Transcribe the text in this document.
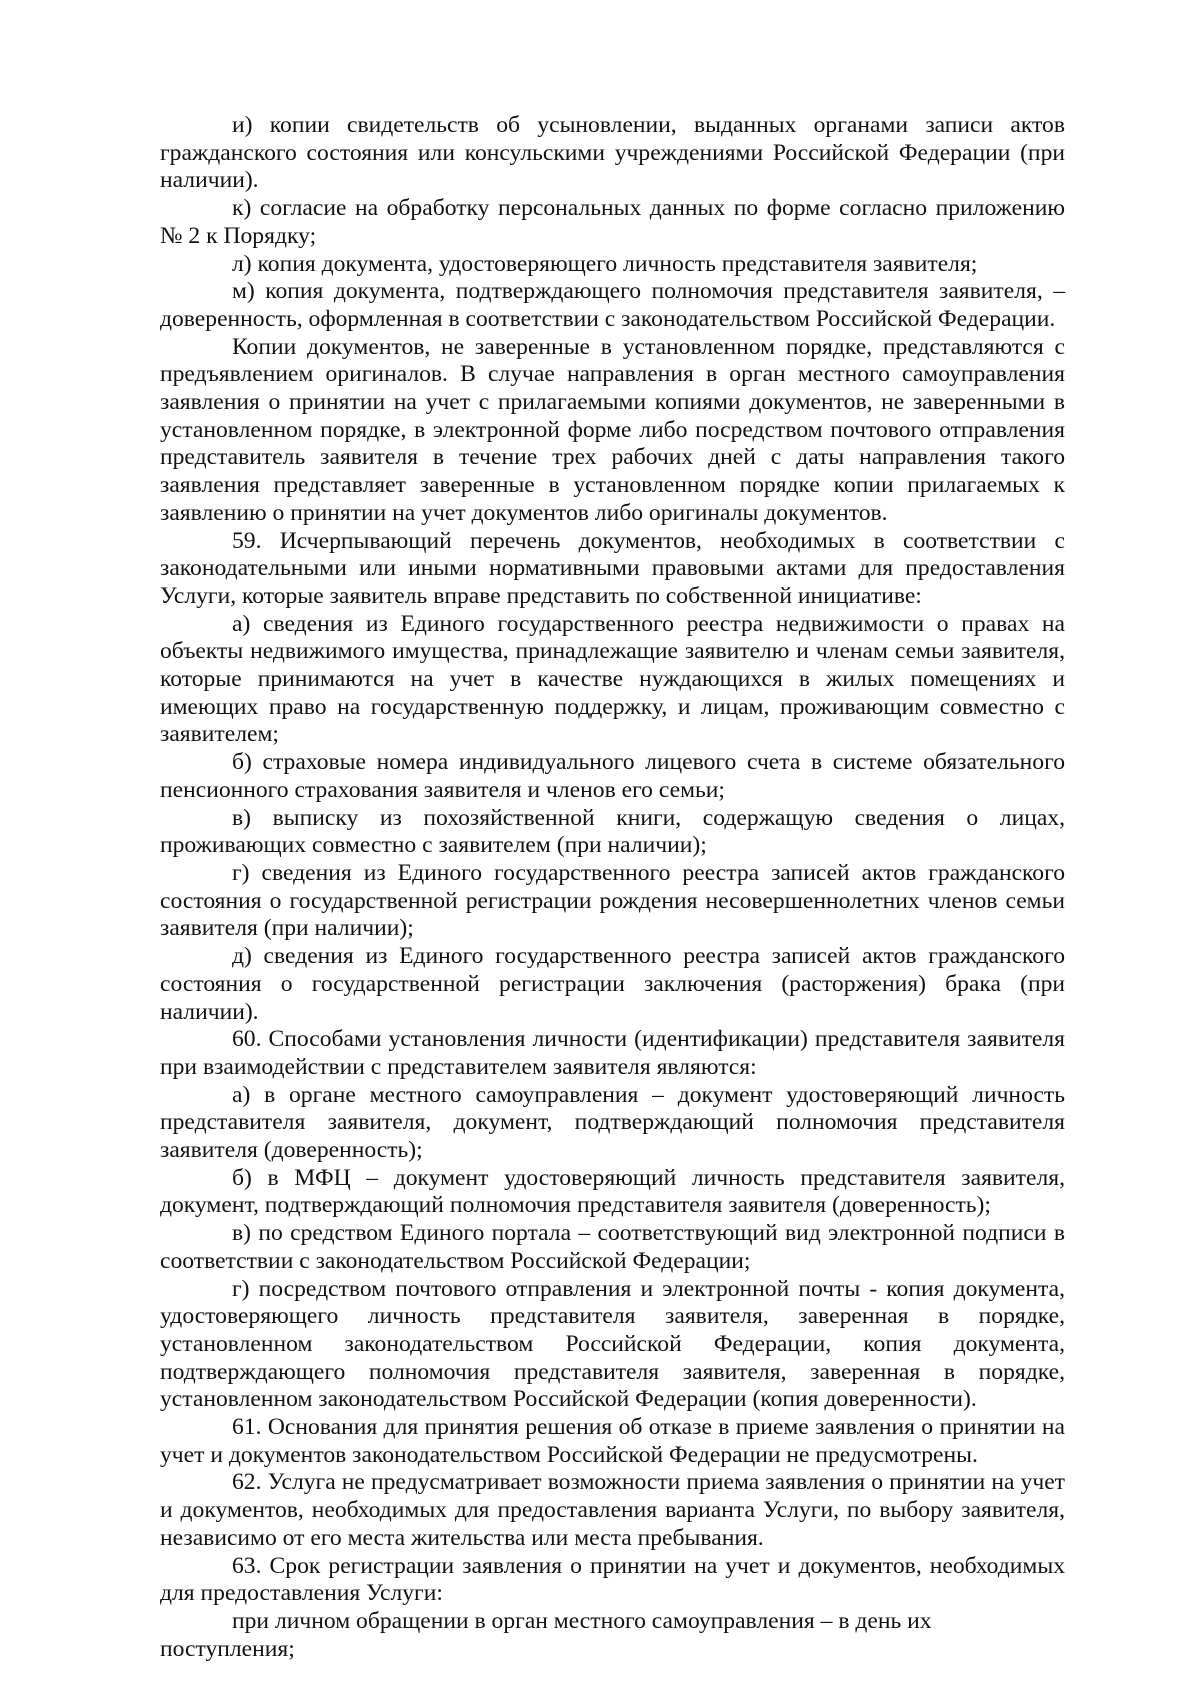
и) копии свидетельств об усыновлении, выданных органами записи актов гражданского состояния или консульскими учреждениями Российской Федерации (при наличии).

к) согласие на обработку персональных данных по форме согласно приложению № 2 к Порядку;

л) копия документа, удостоверяющего личность представителя заявителя;

м) копия документа, подтверждающего полномочия представителя заявителя, – доверенность, оформленная в соответствии с законодательством Российской Федерации.

Копии документов, не заверенные в установленном порядке, представляются с предъявлением оригиналов. В случае направления в орган местного самоуправления заявления о принятии на учет с прилагаемыми копиями документов, не заверенными в установленном порядке, в электронной форме либо посредством почтового отправления представитель заявителя в течение трех рабочих дней с даты направления такого заявления представляет заверенные в установленном порядке копии прилагаемых к заявлению о принятии на учет документов либо оригиналы документов.

59. Исчерпывающий перечень документов, необходимых в соответствии с законодательными или иными нормативными правовыми актами для предоставления Услуги, которые заявитель вправе представить по собственной инициативе:

а) сведения из Единого государственного реестра недвижимости о правах на объекты недвижимого имущества, принадлежащие заявителю и членам семьи заявителя, которые принимаются на учет в качестве нуждающихся в жилых помещениях и имеющих право на государственную поддержку, и лицам, проживающим совместно с заявителем;

б) страховые номера индивидуального лицевого счета в системе обязательного пенсионного страхования заявителя и членов его семьи;

в) выписку из похозяйственной книги, содержащую сведения о лицах, проживающих совместно с заявителем (при наличии);

г) сведения из Единого государственного реестра записей актов гражданского состояния о государственной регистрации рождения несовершеннолетних членов семьи заявителя (при наличии);

д) сведения из Единого государственного реестра записей актов гражданского состояния о государственной регистрации заключения (расторжения) брака (при наличии).

60. Способами установления личности (идентификации) представителя заявителя при взаимодействии с представителем заявителя являются:

а) в органе местного самоуправления – документ удостоверяющий личность представителя заявителя, документ, подтверждающий полномочия представителя заявителя (доверенность);

б) в МФЦ – документ удостоверяющий личность представителя заявителя, документ, подтверждающий полномочия представителя заявителя (доверенность);

в) по средством Единого портала – соответствующий вид электронной подписи в соответствии с законодательством Российской Федерации;

г) посредством почтового отправления и электронной почты - копия документа, удостоверяющего личность представителя заявителя, заверенная в порядке, установленном законодательством Российской Федерации, копия документа, подтверждающего полномочия представителя заявителя, заверенная в порядке, установленном законодательством Российской Федерации (копия доверенности).

61. Основания для принятия решения об отказе в приеме заявления о принятии на учет и документов законодательством Российской Федерации не предусмотрены.

62. Услуга не предусматривает возможности приема заявления о принятии на учет и документов, необходимых для предоставления варианта Услуги, по выбору заявителя, независимо от его места жительства или места пребывания.

63. Срок регистрации заявления о принятии на учет и документов, необходимых для предоставления Услуги:

при личном обращении в орган местного самоуправления – в день их поступления;
